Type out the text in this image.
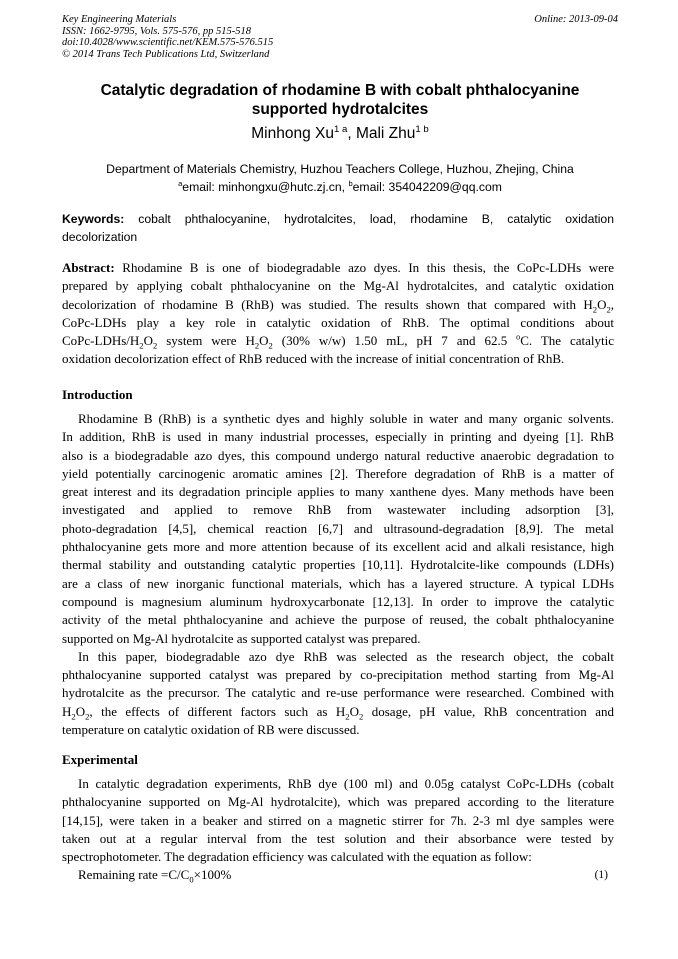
Key Engineering Materials
ISSN: 1662-9795, Vols. 575-576, pp 515-518
doi:10.4028/www.scientific.net/KEM.575-576.515
© 2014 Trans Tech Publications Ltd, Switzerland
Online: 2013-09-04
Catalytic degradation of rhodamine B with cobalt phthalocyanine
supported hydrotalcites
Minhong $Xu^{1 a}$, Mali Zhu$^{1 b}$
Department of Materials Chemistry, Huzhou Teachers College, Huzhou, Zhejing, China
$^a$email: minhongxu@hutc.zj.cn, $^b$email: 354042209@qq.com
Keywords: cobalt phthalocyanine, hydrotalcites, load, rhodamine B, catalytic oxidation
decolorization
Abstract: Rhodamine B is one of biodegradable azo dyes. In this thesis, the CoPc-LDHs were
prepared by applying cobalt phthalocyanine on the Mg-Al hydrotalcites, and catalytic oxidation
decolorization of rhodamine B (RhB) was studied. The results shown that compared with $H_2O_2$,
CoPc-LDHs play a key role in catalytic oxidation of RhB. The optimal conditions about
CoPc-$LDHs/H_2O_2$ system were $H_2O_2$ (30% w/w) 1.50 mL, pH 7 and 62.5 $^o$C. The catalytic
oxidation decolorization effect of RhB reduced with the increase of initial concentration of RhB.
Introduction
Rhodamine B (RhB) is a synthetic dyes and highly soluble in water and many organic solvents.
In addition, RhB is used in many industrial processes, especially in printing and dyeing [1]. RhB
also is a biodegradable azo dyes, this compound undergo natural reductive anaerobic degradation to
yield potentially carcinogenic aromatic amines [2]. Therefore degradation of RhB is a matter of
great interest and its degradation principle applies to many xanthene dyes. Many methods have been
investigated and applied to remove RhB from wastewater including adsorption [3],
photo-degradation [4,5], chemical reaction [6,7] and ultrasound-degradation [8,9]. The metal
phthalocyanine gets more and more attention because of its excellent acid and alkali resistance, high
thermal stability and outstanding catalytic properties [10,11]. Hydrotalcite-like compounds (LDHs)
are a class of new inorganic functional materials, which has a layered structure. A typical LDHs
compound is magnesium aluminum hydroxycarbonate [12,13]. In order to improve the catalytic
activity of the metal phthalocyanine and achieve the purpose of reused, the cobalt phthalocyanine
supported on Mg-Al hydrotalcite as supported catalyst was prepared.
In this paper, biodegradable azo dye RhB was selected as the research object, the cobalt
phthalocyanine supported catalyst was prepared by co-precipitation method starting from Mg-Al
hydrotalcite as the precursor. The catalytic and re-use performance were researched. Combined with
$H_2O_2$, the effects of different factors such as $H_2O_2$ dosage, pH value, RhB concentration and
temperature on catalytic oxidation of RB were discussed.
Experimental
In catalytic degradation experiments, RhB dye (100 ml) and 0.05g catalyst CoPc-LDHs (cobalt
phthalocyanine supported on Mg-Al hydrotalcite), which was prepared according to the literature
[14,15], were taken in a beaker and stirred on a magnetic stirrer for 7h. 2-3 ml dye samples were
taken out at a regular interval from the test solution and their absorbance were tested by
spectrophotometer. The degradation efficiency was calculated with the equation as follow:
Remaining rate $=C/C_0\times 100\%$	(1)
